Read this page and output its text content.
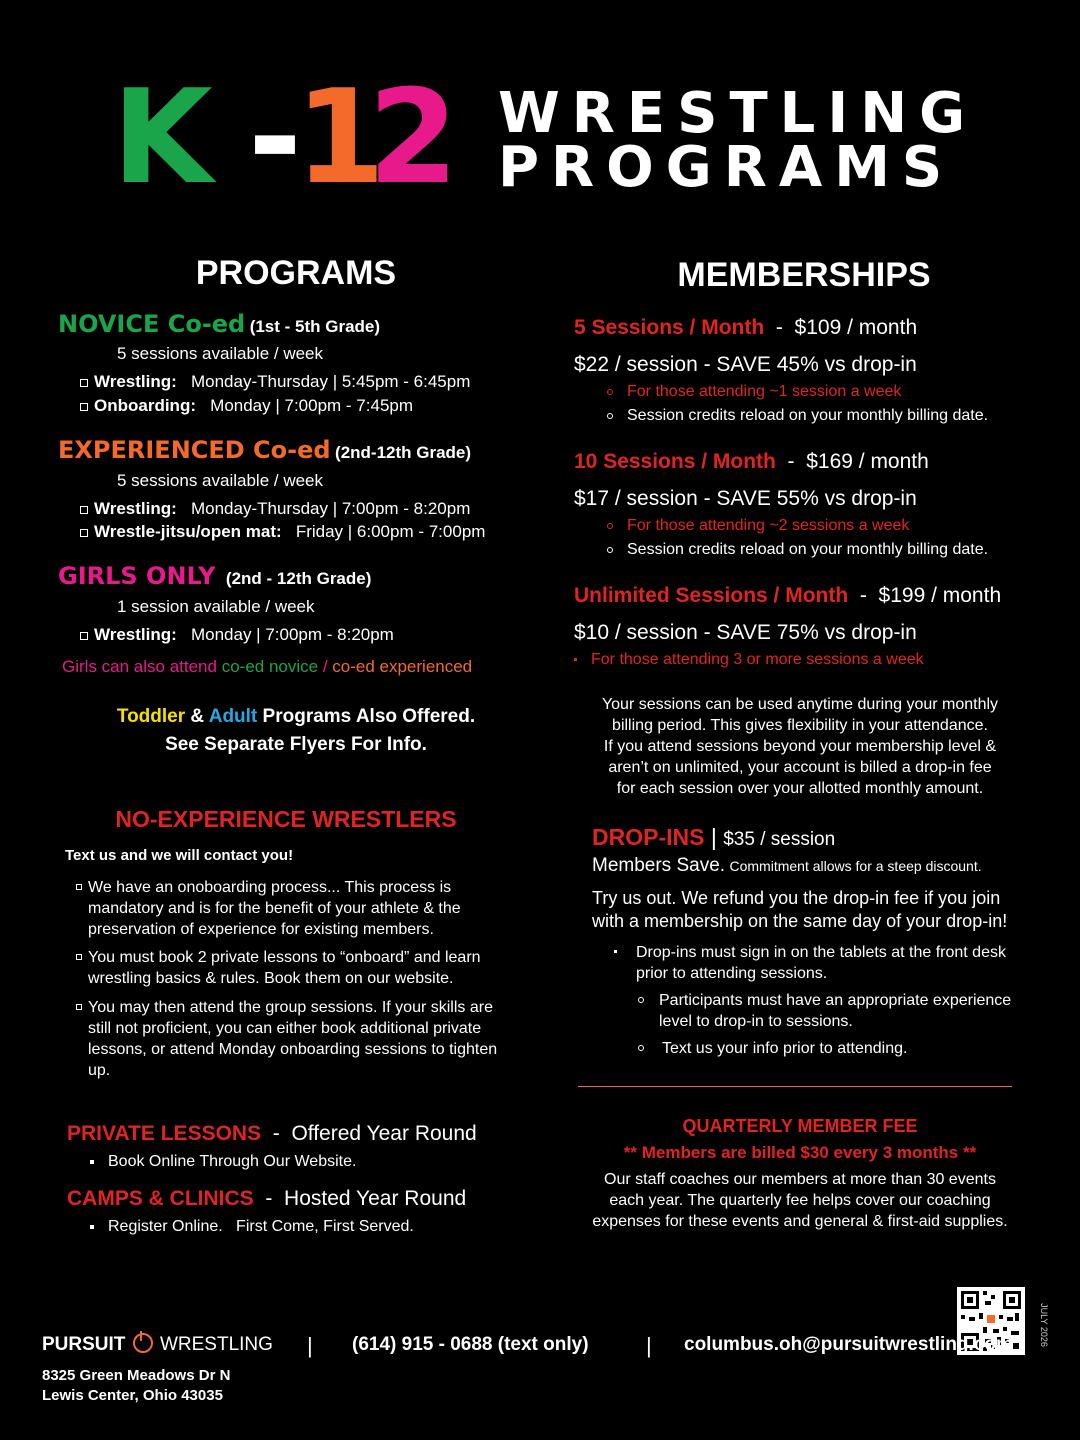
K -
1
2 WRESTLING
PROGRAMS
PROGRAMS
NOVICE Co-ed (1st - 5th Grade)
5 sessions available / week
Wrestling: Monday-Thursday | 5:45pm - 6:45pm
Onboarding: Monday | 7:00pm - 7:45pm
EXPERIENCED Co-ed (2nd-12th Grade)
5 sessions available / week
Wrestling: Monday-Thursday | 7:00pm - 8:20pm
Wrestle-jitsu/open mat: Friday | 6:00pm - 7:00pm
GIRLS ONLY (2nd - 12th Grade)
1 session available / week
Wrestling: Monday | 7:00pm - 8:20pm
Girls can also attend co-ed novice / co-ed experienced
Toddler & Adult Programs Also Offered.
See Separate Flyers For Info.
NO-EXPERIENCE WRESTLERS
Text us and we will contact you!
We have an onoboarding process... This process is mandatory and is for the benefit of your athlete & the preservation of experience for existing members.
You must book 2 private lessons to “onboard” and learn wrestling basics & rules. Book them on our website.
You may then attend the group sessions. If your skills are still not proficient, you can either book additional private lessons, or attend Monday onboarding sessions to tighten up.
PRIVATE LESSONS  -  Offered Year Round
Book Online Through Our Website.
CAMPS & CLINICS  -  Hosted Year Round
Register Online.   First Come, First Served.
MEMBERSHIPS
5 Sessions / Month  -  $109 / month
$22 / session - SAVE 45% vs drop-in
For those attending ~1 session a week
Session credits reload on your monthly billing date.
10 Sessions / Month  -  $169 / month
$17 / session - SAVE 55% vs drop-in
For those attending ~2 sessions a week
Session credits reload on your monthly billing date.
Unlimited Sessions / Month  -  $199 / month
$10 / session - SAVE 75% vs drop-in
For those attending 3 or more sessions a week
Your sessions can be used anytime during your monthly
billing period. This gives flexibility in your attendance.
If you attend sessions beyond your membership level &
aren’t on unlimited, your account is billed a drop-in fee
for each session over your allotted monthly amount.
DROP-INS | $35 / session
Members Save. Commitment allows for a steep discount.
Try us out. We refund you the drop-in fee if you join
with a membership on the same day of your drop-in!
Drop-ins must sign in on the tablets at the front desk prior to attending sessions.
Participants must have an appropriate experience level to drop-in to sessions.
Text us your info prior to attending.
QUARTERLY MEMBER FEE
** Members are billed $30 every 3 months **
Our staff coaches our members at more than 30 events
each year. The quarterly fee helps cover our coaching
expenses for these events and general & first-aid supplies.
JULY 2026
PURSUIT WRESTLING
8325 Green Meadows Dr N
Lewis Center, Ohio 43035
| (614) 915 - 0688 (text only)	| columbus.oh@pursuitwrestling.com
